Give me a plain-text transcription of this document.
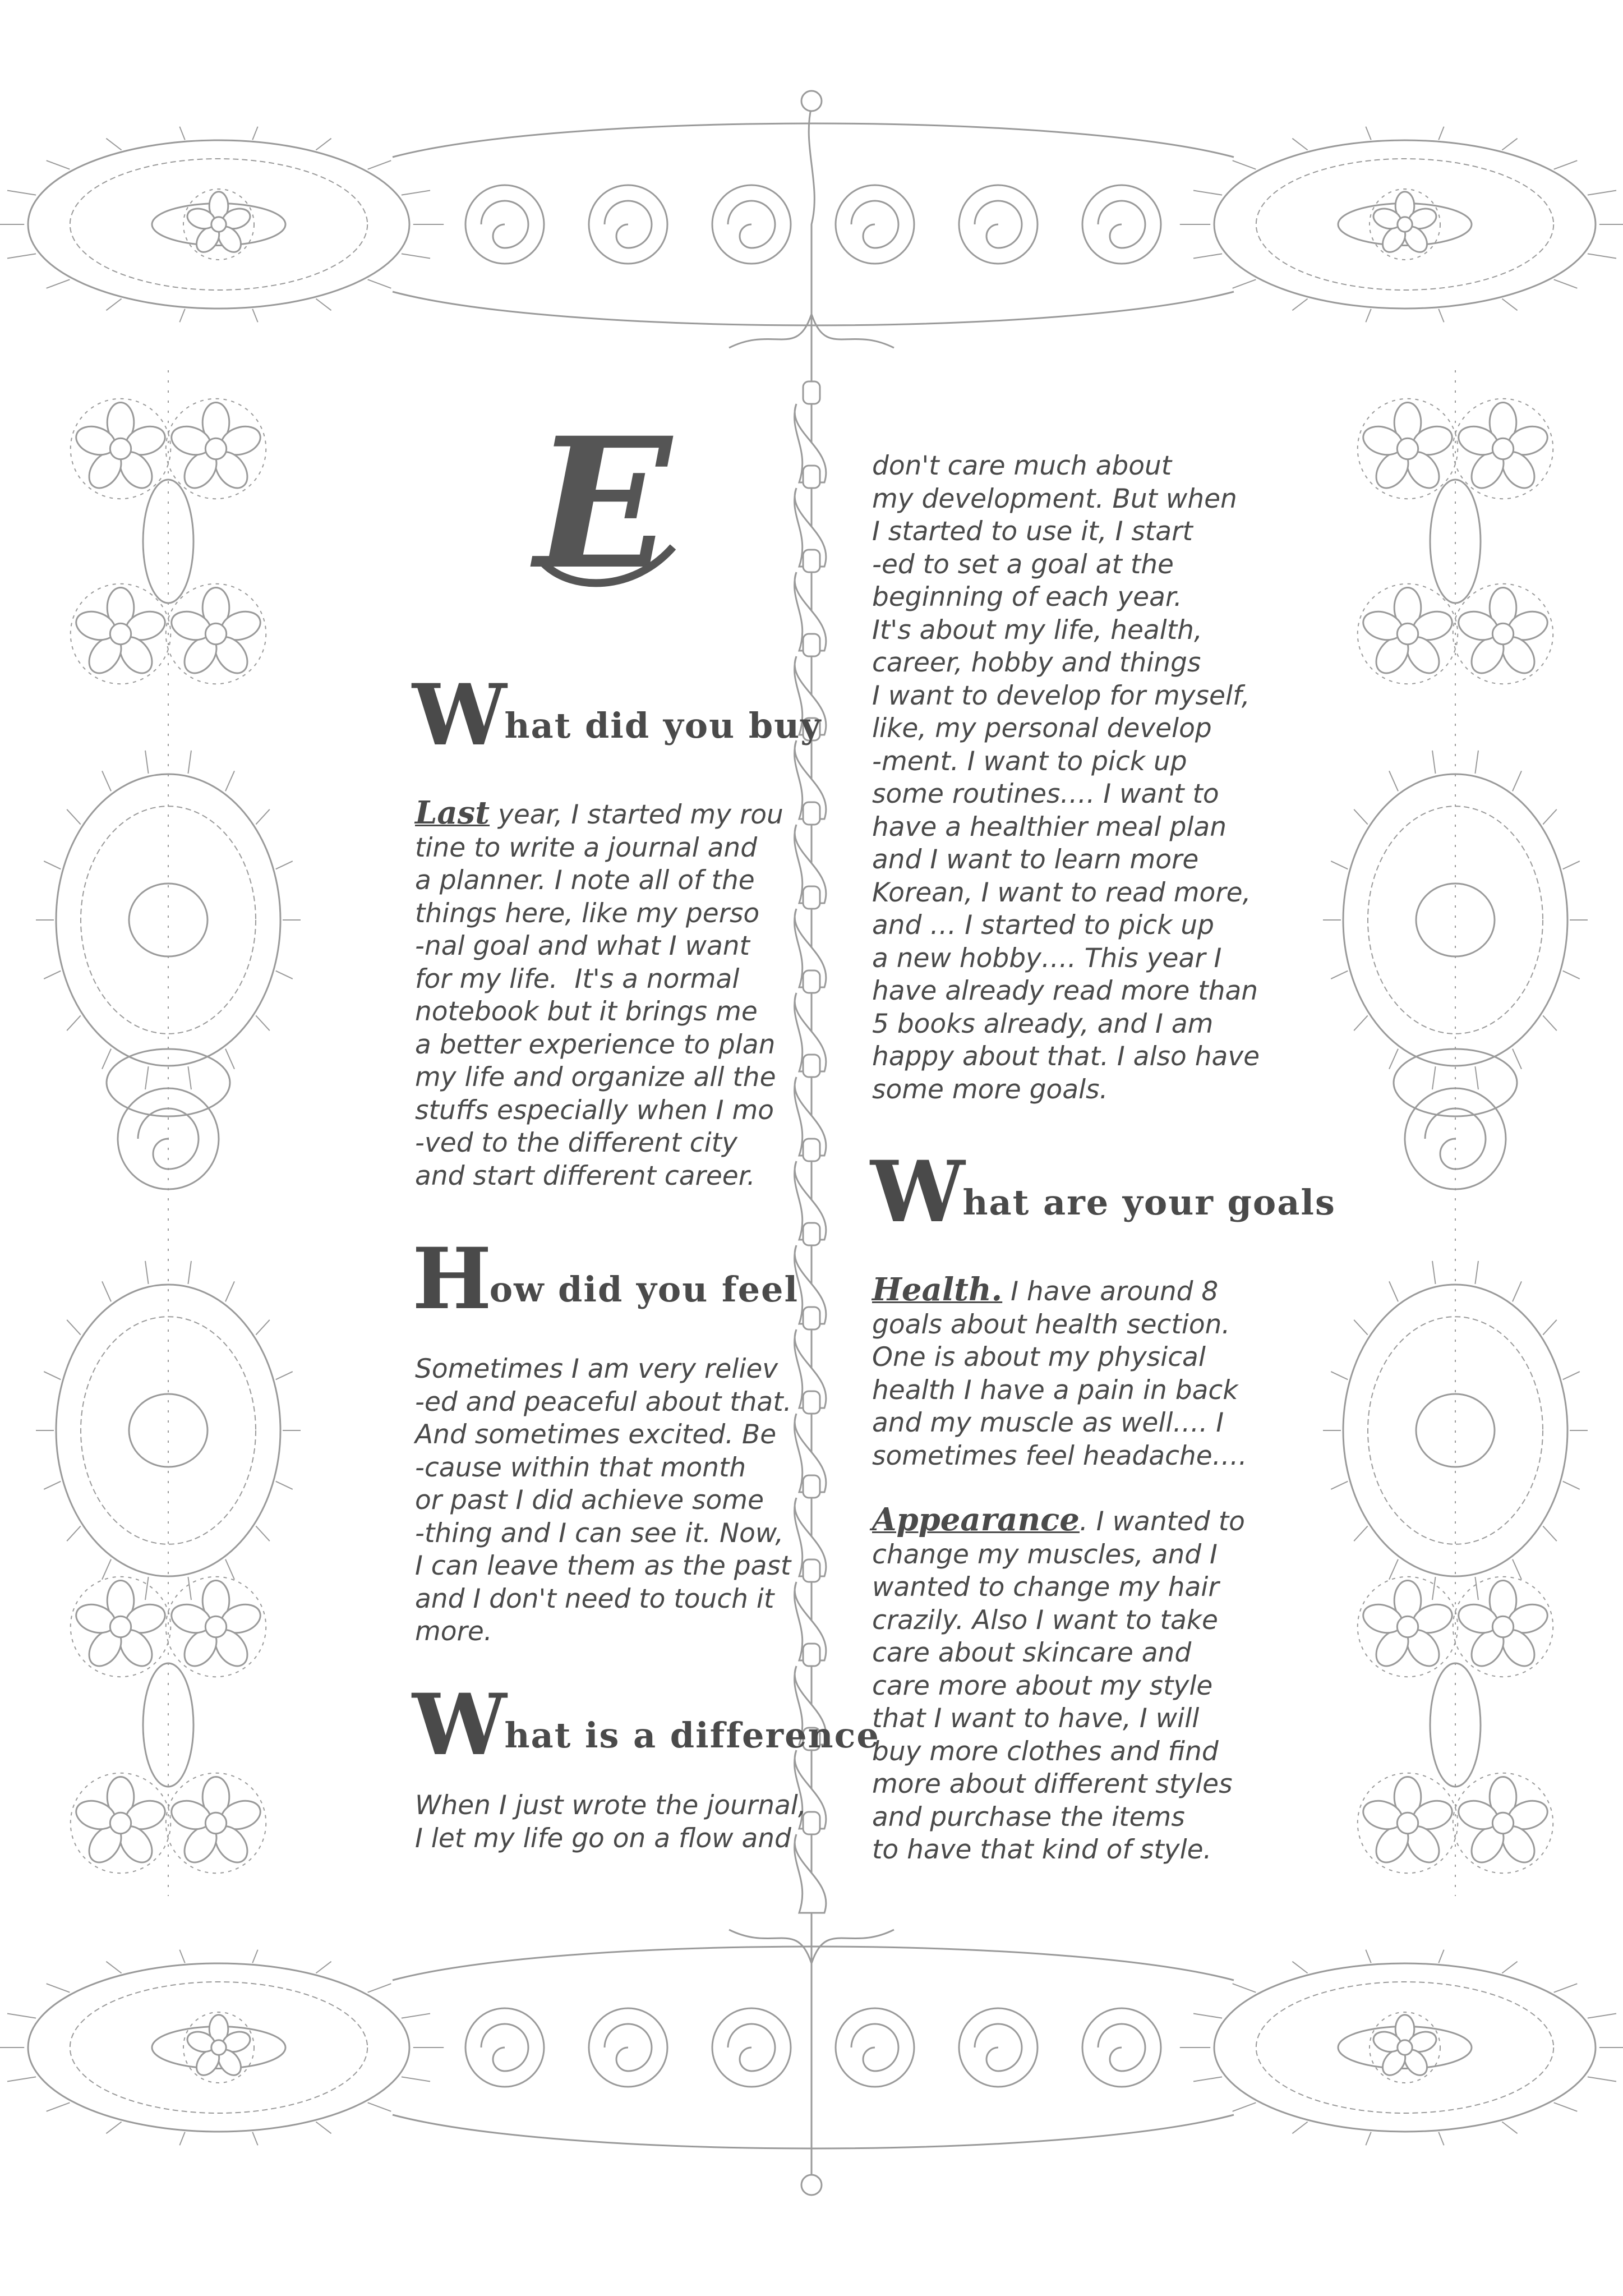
E
What did you buy
Last year, I started my rou
tine to write a journal and
a planner. I note all of the
things here, like my perso
-nal goal and what I want
for my life.  It's a normal
notebook but it brings me
a better experience to plan
my life and organize all the
stuffs especially when I mo
-ved to the different city
and start different career.
How did you feel
Sometimes I am very reliev
-ed and peaceful about that.
And sometimes excited. Be
-cause within that month
or past I did achieve some
-thing and I can see it. Now,
I can leave them as the past
and I don't need to touch it
more.
What is a difference
When I just wrote the journal,
I let my life go on a flow and
don't care much about
my development. But when
I started to use it, I start
-ed to set a goal at the
beginning of each year.
It's about my life, health,
career, hobby and things
I want to develop for myself,
like, my personal develop
-ment. I want to pick up
some routines…. I want to
have a healthier meal plan
and I want to learn more
Korean, I want to read more,
and … I started to pick up
a new hobby…. This year I
have already read more than
5 books already, and I am
happy about that. I also have
some more goals.
What are your goals
Health. I have around 8
goals about health section.
One is about my physical
health I have a pain in back
and my muscle as well…. I
sometimes feel headache….
Appearance. I wanted to
change my muscles, and I
wanted to change my hair
crazily. Also I want to take
care about skincare and
care more about my style
that I want to have, I will
buy more clothes and find
more about different styles
and purchase the items
to have that kind of style.
